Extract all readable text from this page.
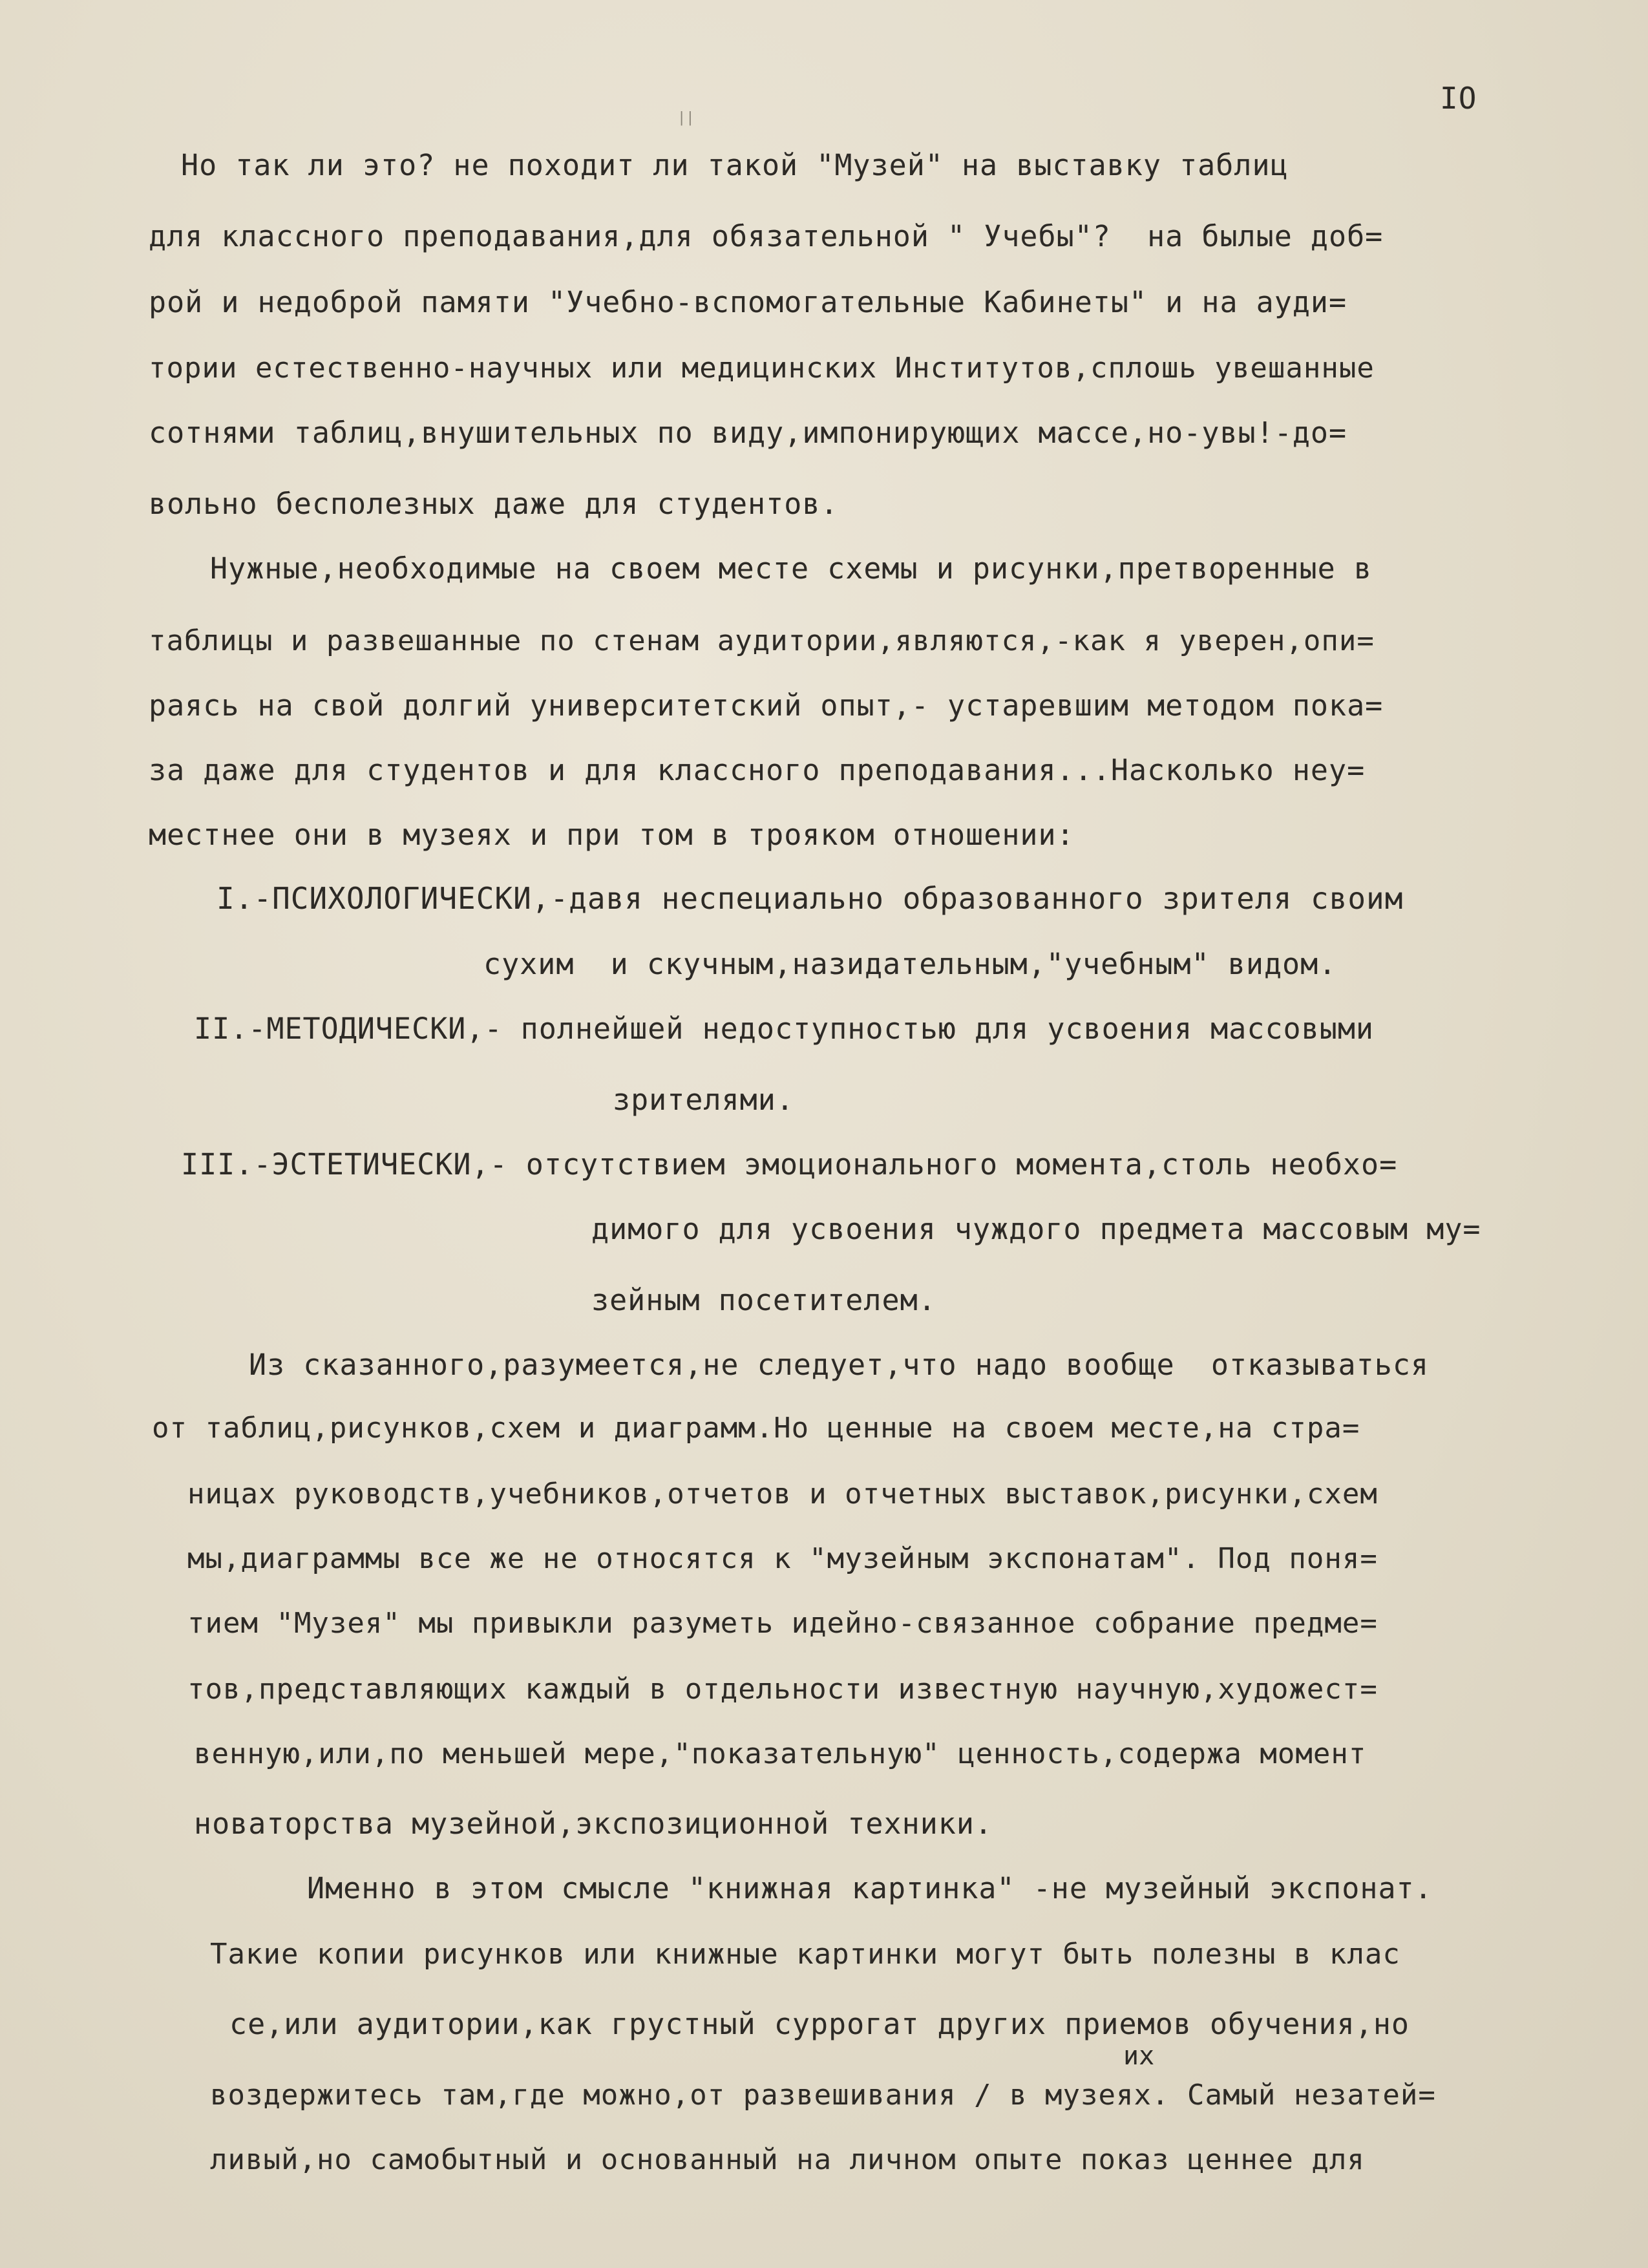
||
IO
Но так ли это? не походит ли такой "Музей" на выставку таблиц
для классного преподавания,для обязательной " Учебы"?  на былые доб=
рой и недоброй памяти "Учебно-вспомогательные Кабинеты" и на ауди=
тории естественно-научных или медицинских Институтов,сплошь увешанные
сотнями таблиц,внушительных по виду,импонирующих массе,но-увы!-до=
вольно бесполезных даже для студентов.
Нужные,необходимые на своем месте схемы и рисунки,претворенные в
таблицы и развешанные по стенам аудитории,являются,-как я уверен,опи=
раясь на свой долгий университетский опыт,- устаревшим методом пока=
за даже для студентов и для классного преподавания...Насколько неу=
местнее они в музеях и при том в трояком отношении:
I.-ПСИХОЛОГИЧЕСКИ,-давя неспециально образованного зрителя своим
сухим  и скучным,назидательным,"учебным" видом.
II.-МЕТОДИЧЕСКИ,- полнейшей недоступностью для усвоения массовыми
зрителями.
III.-ЭСТЕТИЧЕСКИ,- отсутствием эмоционального момента,столь необхо=
димого для усвоения чуждого предмета массовым му=
зейным посетителем.
Из сказанного,разумеется,не следует,что надо вообще  отказываться
от таблиц,рисунков,схем и диаграмм.Но ценные на своем месте,на стра=
ницах руководств,учебников,отчетов и отчетных выставок,рисунки,схем
мы,диаграммы все же не относятся к "музейным экспонатам". Под поня=
тием "Музея" мы привыкли разуметь идейно-связанное собрание предме=
тов,представляющих каждый в отдельности известную научную,художест=
венную,или,по меньшей мере,"показательную" ценность,содержа момент
новаторства музейной,экспозиционной техники.
Именно в этом смысле "книжная картинка" -не музейный экспонат.
Такие копии рисунков или книжные картинки могут быть полезны в клас
се,или аудитории,как грустный суррогат других приемов обучения,но
их
воздержитесь там,где можно,от развешивания / в музеях. Самый незатей=
ливый,но самобытный и основанный на личном опыте показ ценнее для
